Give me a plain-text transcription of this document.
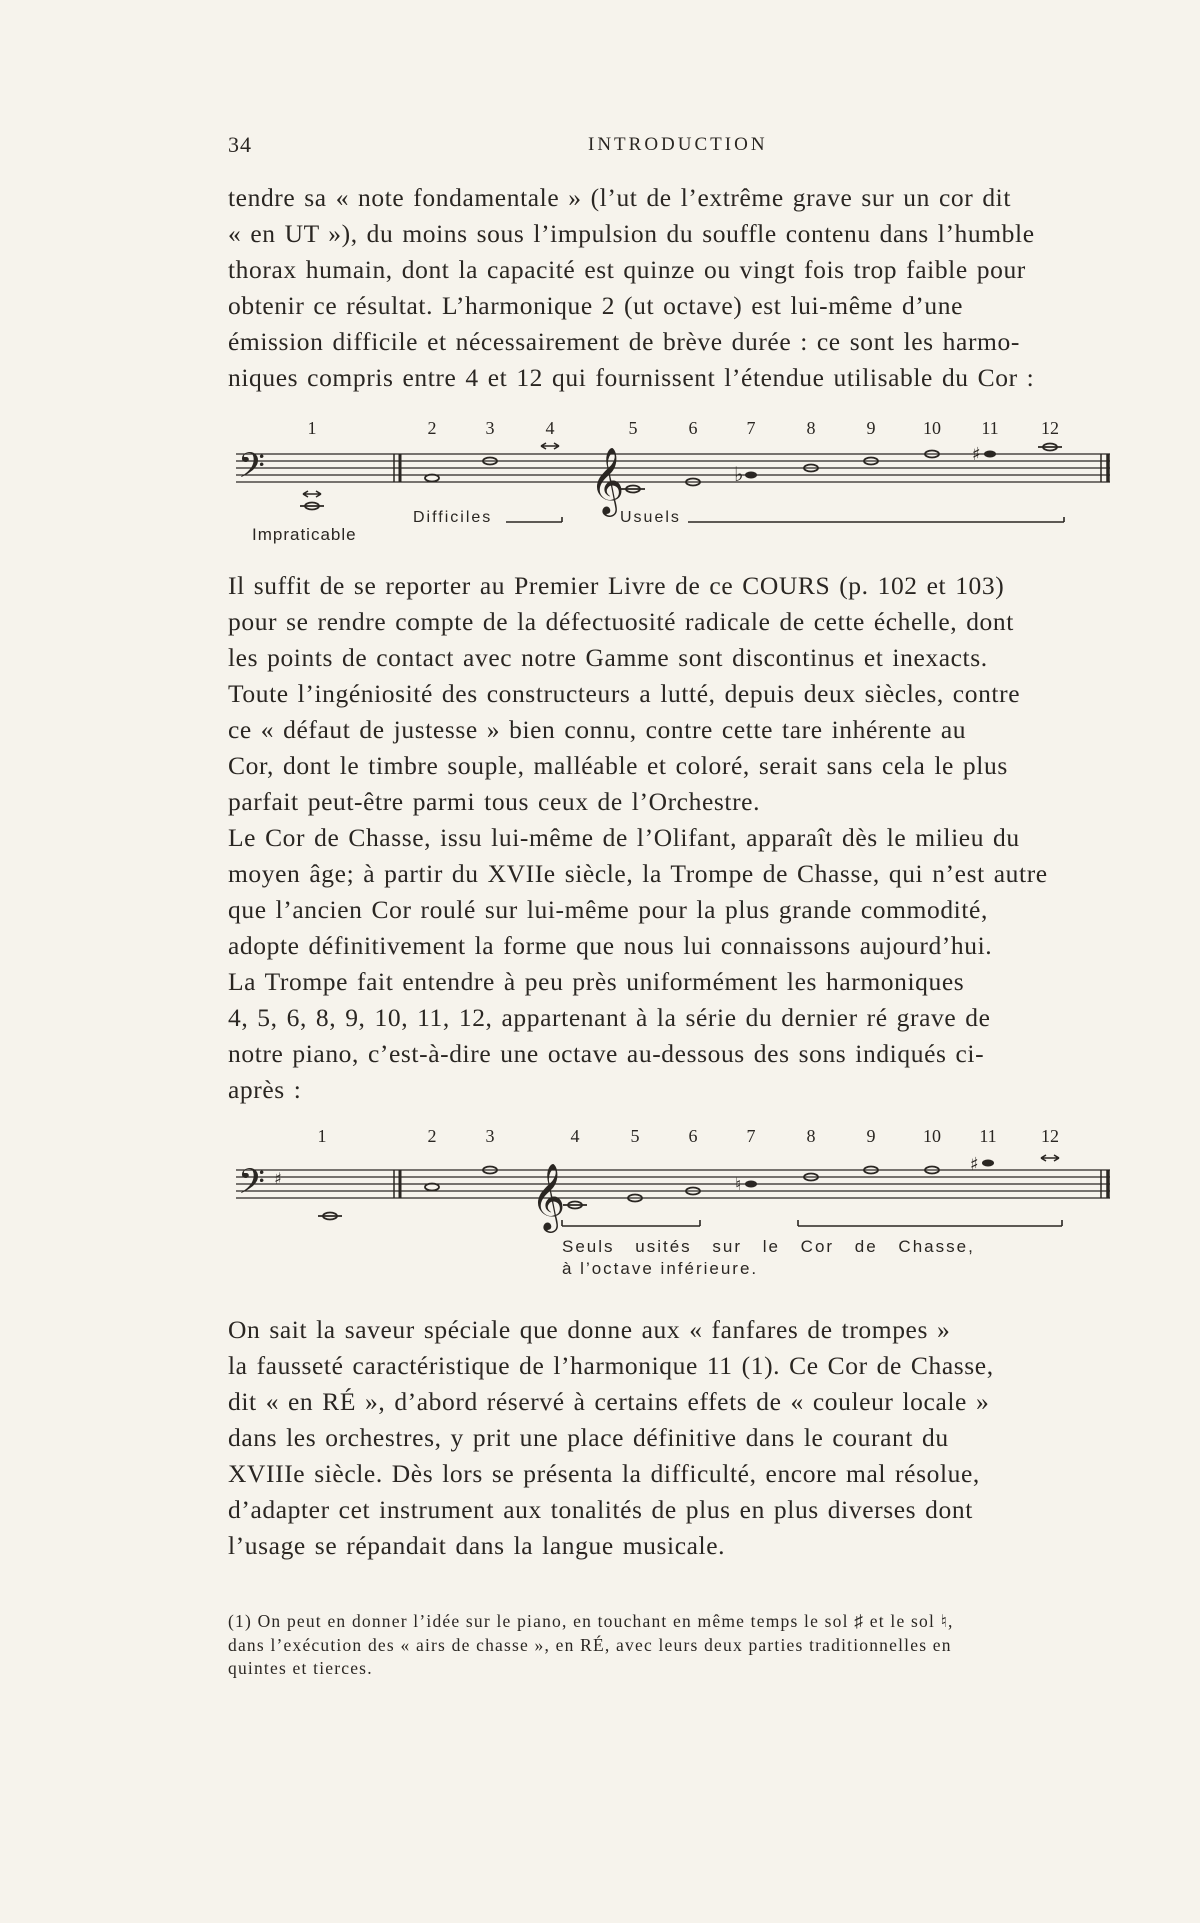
34	INTRODUCTION

tendre sa « note fondamentale » (l’ut de l’extrême grave sur un cor dit
« en UT »), du moins sous l’impulsion du souffle contenu dans l’humble
thorax humain, dont la capacité est quinze ou vingt fois trop faible pour
obtenir ce résultat. L’harmonique 2 (ut octave) est lui-même d’une
émission difficile et nécessairement de brève durée : ce sont les harmo-
niques compris entre 4 et 12 qui fournissent l’étendue utilisable du Cor :

1	2	3	4	5	6	7	8	9	10 11 12
𝄢	𝄞	♭
♯
Impraticable
Difficiles	Usuels

Il suffit de se reporter au Premier Livre de ce COURS (p. 102 et 103)
pour se rendre compte de la défectuosité radicale de cette échelle, dont
les points de contact avec notre Gamme sont discontinus et inexacts.
Toute l’ingéniosité des constructeurs a lutté, depuis deux siècles, contre
ce « défaut de justesse » bien connu, contre cette tare inhérente au
Cor, dont le timbre souple, malléable et coloré, serait sans cela le plus
parfait peut-être parmi tous ceux de l’Orchestre.

Le Cor de Chasse, issu lui-même de l’Olifant, apparaît dès le milieu du
moyen âge; à partir du XVIIe siècle, la Trompe de Chasse, qui n’est autre
que l’ancien Cor roulé sur lui-même pour la plus grande commodité,
adopte définitivement la forme que nous lui connaissons aujourd’hui.
La Trompe fait entendre à peu près uniformément les harmoniques
4, 5, 6, 8, 9, 10, 11, 12, appartenant à la série du dernier ré grave de
notre piano, c’est-à-dire une octave au-dessous des sons indiqués ci-
après :

1	2	3	4	5	6	7	8	9	10 11 12
𝄢 ♯	𝄞	♮
♯
Seuls usités sur le Cor de Chasse,
à l’octave inférieure.

On sait la saveur spéciale que donne aux « fanfares de trompes »
la fausseté caractéristique de l’harmonique 11 (1). Ce Cor de Chasse,
dit « en RÉ », d’abord réservé à certains effets de « couleur locale »
dans les orchestres, y prit une place définitive dans le courant du
XVIIIe siècle. Dès lors se présenta la difficulté, encore mal résolue,
d’adapter cet instrument aux tonalités de plus en plus diverses dont
l’usage se répandait dans la langue musicale.

(1) On peut en donner l’idée sur le piano, en touchant en même temps le sol ♯ et le sol ♮,
dans l’exécution des « airs de chasse », en RÉ, avec leurs deux parties traditionnelles en
quintes et tierces.
